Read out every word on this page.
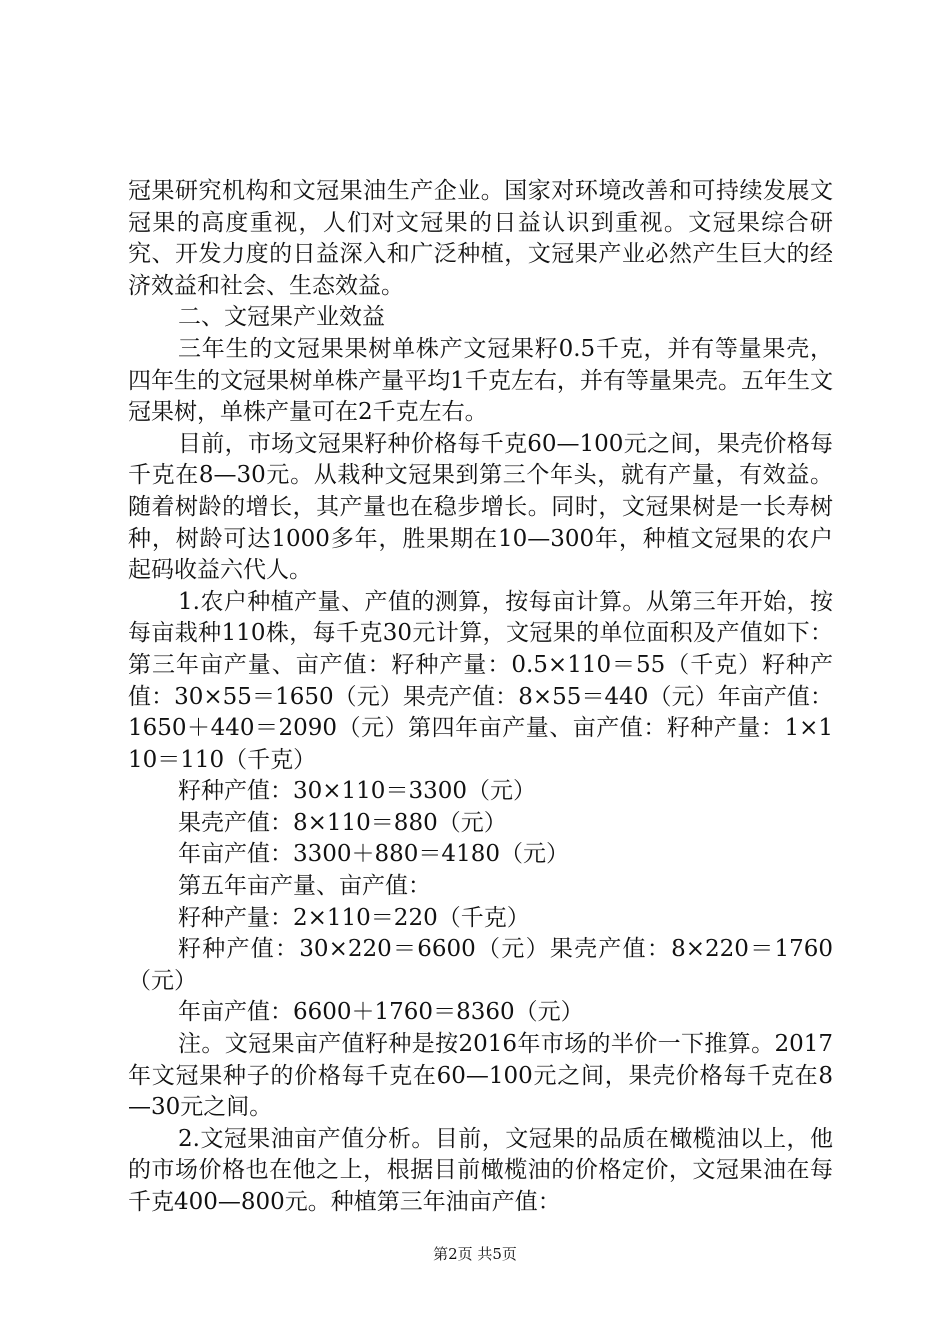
冠果研究机构和文冠果油生产企业。国家对环境改善和可持续发展文冠果的高度重视，人们对文冠果的日益认识到重视。文冠果综合研究、开发力度的日益深入和广泛种植，文冠果产业必然产生巨大的经济效益和社会、生态效益。

二、文冠果产业效益

三年生的文冠果果树单株产文冠果籽0.5千克，并有等量果壳，四年生的文冠果树单株产量平均1千克左右，并有等量果壳。五年生文冠果树，单株产量可在2千克左右。

目前，市场文冠果籽种价格每千克60—100元之间，果壳价格每千克在8—30元。从栽种文冠果到第三个年头，就有产量，有效益。随着树龄的增长，其产量也在稳步增长。同时，文冠果树是一长寿树种，树龄可达1000多年，胜果期在10—300年，种植文冠果的农户起码收益六代人。

1.农户种植产量、产值的测算，按每亩计算。从第三年开始，按每亩栽种110株，每千克30元计算，文冠果的单位面积及产值如下：第三年亩产量、亩产值：籽种产量：0.5×110＝55（千克）籽种产值：30×55＝1650（元）果壳产值：8×55＝440（元）年亩产值：1650＋440＝2090（元）第四年亩产量、亩产值：籽种产量：1×110＝110（千克）

籽种产值：30×110＝3300（元）

果壳产值：8×110＝880（元）

年亩产值：3300＋880＝4180（元）

第五年亩产量、亩产值：

籽种产量：2×110＝220（千克）

籽种产值：30×220＝6600（元）果壳产值：8×220＝1760（元）

年亩产值：6600＋1760＝8360（元）

注。文冠果亩产值籽种是按2016年市场的半价一下推算。2017年文冠果种子的价格每千克在60—100元之间，果壳价格每千克在8—30元之间。

2.文冠果油亩产值分析。目前，文冠果的品质在橄榄油以上，他的市场价格也在他之上，根据目前橄榄油的价格定价，文冠果油在每千克400—800元。种植第三年油亩产值：

第2页 共5页
